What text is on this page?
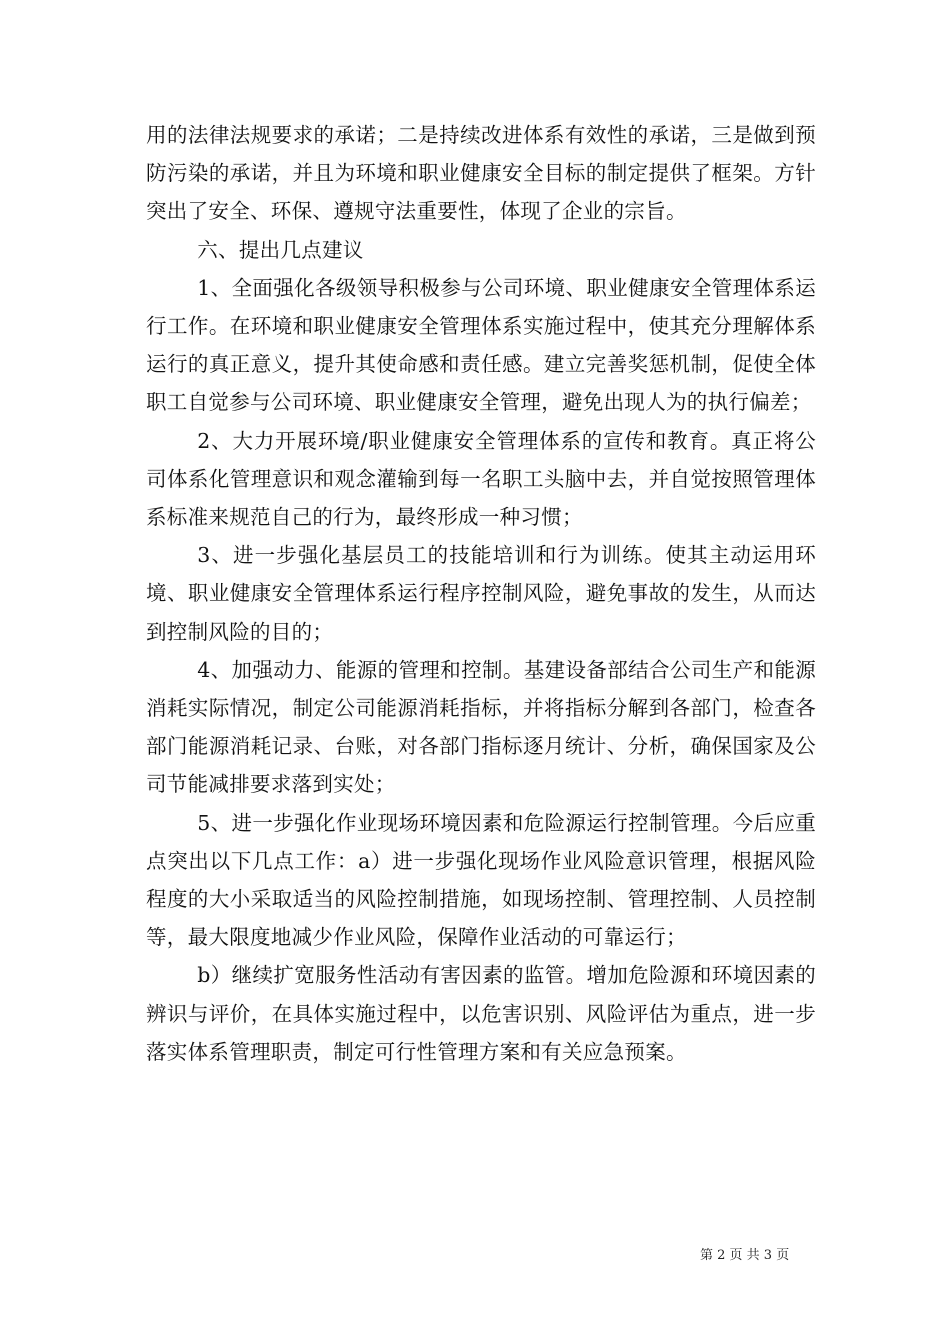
用的法律法规要求的承诺；二是持续改进体系有效性的承诺，三是做到预防污染的承诺，并且为环境和职业健康安全目标的制定提供了框架。方针突出了安全、环保、遵规守法重要性，体现了企业的宗旨。

六、提出几点建议

1、全面强化各级领导积极参与公司环境、职业健康安全管理体系运行工作。在环境和职业健康安全管理体系实施过程中，使其充分理解体系运行的真正意义，提升其使命感和责任感。建立完善奖惩机制，促使全体职工自觉参与公司环境、职业健康安全管理，避免出现人为的执行偏差；

2、大力开展环境/职业健康安全管理体系的宣传和教育。真正将公司体系化管理意识和观念灌输到每一名职工头脑中去，并自觉按照管理体系标准来规范自己的行为，最终形成一种习惯；

3、进一步强化基层员工的技能培训和行为训练。使其主动运用环境、职业健康安全管理体系运行程序控制风险，避免事故的发生，从而达到控制风险的目的；

4、加强动力、能源的管理和控制。基建设备部结合公司生产和能源消耗实际情况，制定公司能源消耗指标，并将指标分解到各部门，检查各部门能源消耗记录、台账，对各部门指标逐月统计、分析，确保国家及公司节能减排要求落到实处；

5、进一步强化作业现场环境因素和危险源运行控制管理。今后应重点突出以下几点工作：a）进一步强化现场作业风险意识管理，根据风险程度的大小采取适当的风险控制措施，如现场控制、管理控制、人员控制等，最大限度地减少作业风险，保障作业活动的可靠运行；

b）继续扩宽服务性活动有害因素的监管。增加危险源和环境因素的辨识与评价，在具体实施过程中，以危害识别、风险评估为重点，进一步落实体系管理职责，制定可行性管理方案和有关应急预案。

第 2 页 共 3 页
